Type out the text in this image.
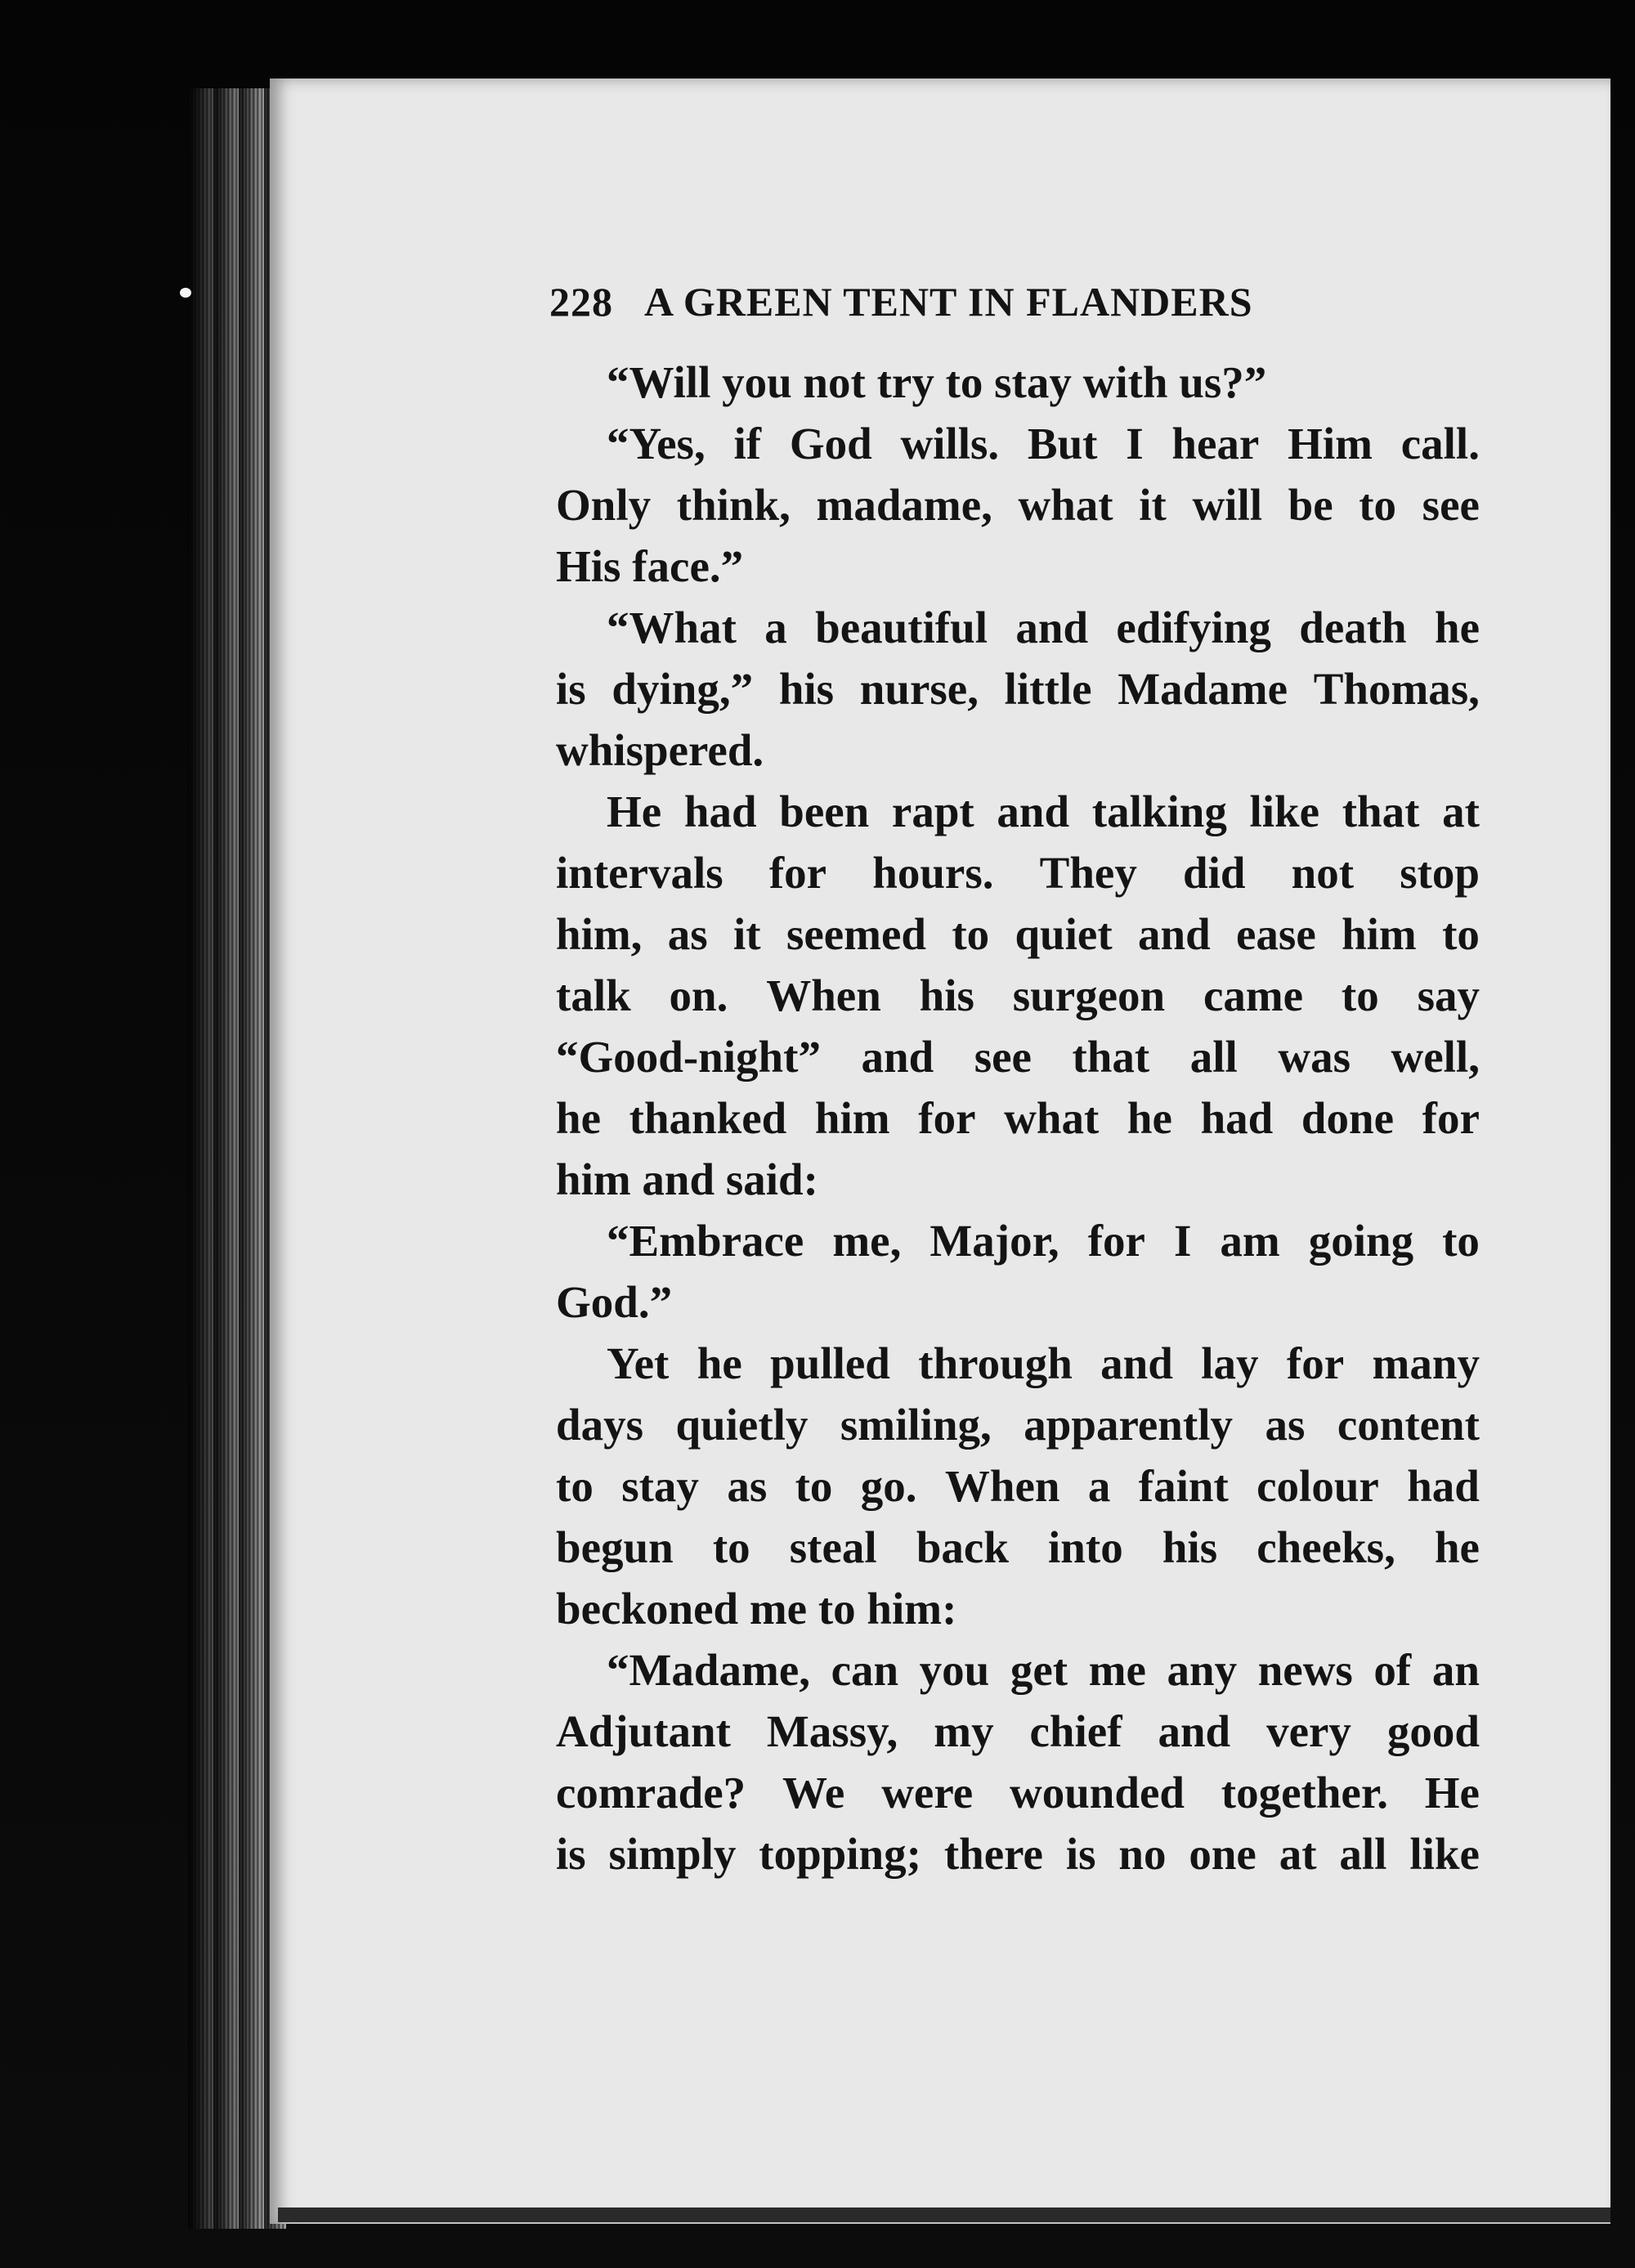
228 A GREEN TENT IN FLANDERS
“Will you not try to stay with us?”
“Yes, if God wills. But I hear Him call.
Only think, madame, what it will be to see
His face.”
“What a beautiful and edifying death he
is dying,” his nurse, little Madame Thomas,
whispered.
He had been rapt and talking like that at
intervals for hours. They did not stop
him, as it seemed to quiet and ease him to
talk on. When his surgeon came to say
“Good-night” and see that all was well,
he thanked him for what he had done for
him and said:
“Embrace me, Major, for I am going to
God.”
Yet he pulled through and lay for many
days quietly smiling, apparently as content
to stay as to go. When a faint colour had
begun to steal back into his cheeks, he
beckoned me to him:
“Madame, can you get me any news of an
Adjutant Massy, my chief and very good
comrade? We were wounded together. He
is simply topping; there is no one at all like
